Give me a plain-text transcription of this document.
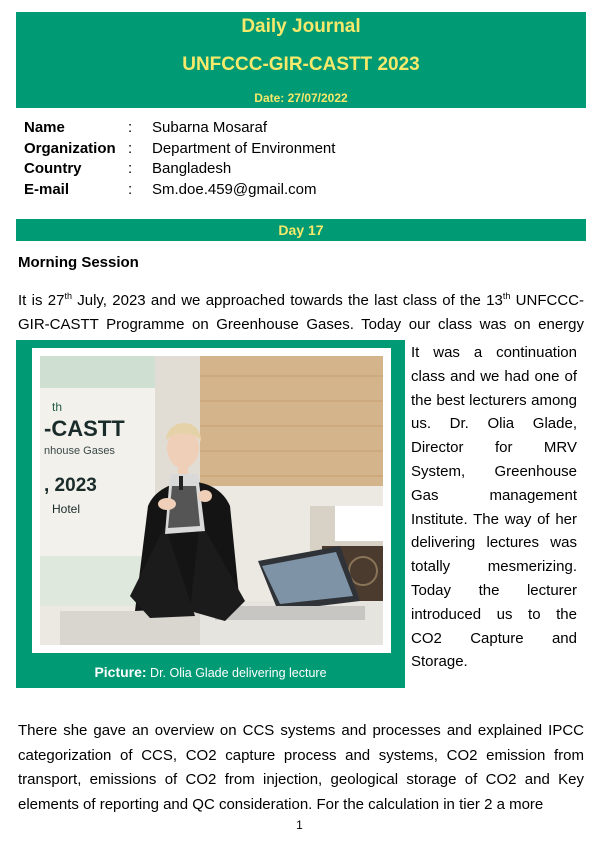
Daily Journal
UNFCCC-GIR-CASTT 2023
Date: 27/07/2022
Name	: Subarna Mosaraf
Organization : Department of Environment
Country	: Bangladesh
E-mail	: Sm.doe.459@gmail.com
Day 17
Morning Session

It is 27th July, 2023 and we approached towards the last class of the 13th UNFCCC-GIR-CASTT Programme on Greenhouse Gases. Today our class was on energy

th
-CASTT
nhouse Gases
, 2023
Hotel
Picture: Dr. Olia Glade delivering lecture

It was a continuation class and we had one of the best lecturers among us. Dr. Olia Glade, Director for MRV System, Greenhouse Gas management Institute. The way of her delivering lectures was totally mesmerizing. Today the lecturer introduced us to the CO2 Capture and Storage.

There she gave an overview on CCS systems and processes and explained IPCC categorization of CCS, CO2 capture process and systems, CO2 emission from transport, emissions of CO2 from injection, geological storage of CO2 and Key elements of reporting and QC consideration. For the calculation in tier 2 a more

1
